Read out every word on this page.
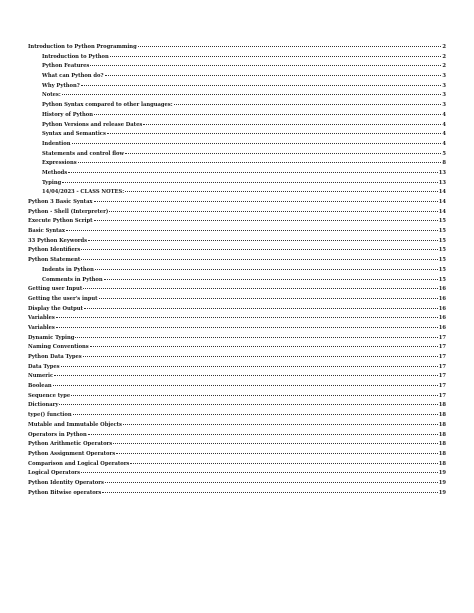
Introduction to Python Programming	2
Introduction to Python	2
Python Features	2
What can Python do?	3
Why Python?	3
Notes:	3
Python Syntax compared to other languages:	3
History of Python	4
Python Versions and release Dates	4
Syntax and Semantics	4
Indention	4
Statements and control flow	5
Expressions	8
Methods	13
Typing	13
14/04/2023 - CLASS NOTES:	14
Python 3 Basic Syntax	14
Python - Shell (Interpreter)	14
Execute Python Script	15
Basic Syntax	15
33 Python Keywords	15
Python Identifiers	15
Python Statement	15
Indents in Python	15
Comments in Python	15
Getting user Input	16
Getting the user's input	16
Display the Output	16
Variables	16
Variables	16
Dynamic Typing	17
Naming Conventions	17
Python Data Types	17
Data Types	17
Numeric	17
Boolean	17
Sequence type	17
Dictionary	18
type() function	18
Mutable and Immutable Objects	18
Operators in Python	18
Python Arithmetic Operators	18
Python Assignment Operators	18
Comparison and Logical Operators	18
Logical Operators	19
Python Identity Operators	19
Python Bitwise operators	19
